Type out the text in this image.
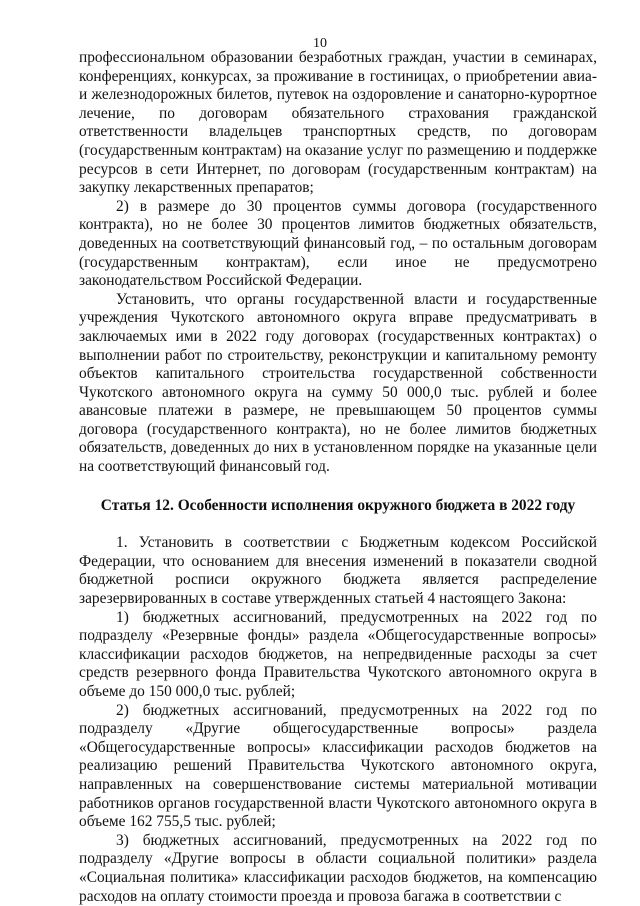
10

профессиональном образовании безработных граждан, участии в семинарах, конференциях, конкурсах, за проживание в гостиницах, о приобретении авиа- и железнодорожных билетов, путевок на оздоровление и санаторно-курортное лечение, по договорам обязательного страхования гражданской ответственности владельцев транспортных средств, по договорам (государственным контрактам) на оказание услуг по размещению и поддержке ресурсов в сети Интернет, по договорам (государственным контрактам) на закупку лекарственных препаратов;

2) в размере до 30 процентов суммы договора (государственного контракта), но не более 30 процентов лимитов бюджетных обязательств, доведенных на соответствующий финансовый год, – по остальным договорам (государственным контрактам), если иное не предусмотрено законодательством Российской Федерации.

Установить, что органы государственной власти и государственные учреждения Чукотского автономного округа вправе предусматривать в заключаемых ими в 2022 году договорах (государственных контрактах) о выполнении работ по строительству, реконструкции и капитальному ремонту объектов капитального строительства государственной собственности Чукотского автономного округа на сумму 50 000,0 тыс. рублей и более авансовые платежи в размере, не превышающем 50 процентов суммы договора (государственного контракта), но не более лимитов бюджетных обязательств, доведенных до них в установленном порядке на указанные цели на соответствующий финансовый год.

Статья 12. Особенности исполнения окружного бюджета в 2022 году

1. Установить в соответствии с Бюджетным кодексом Российской Федерации, что основанием для внесения изменений в показатели сводной бюджетной росписи окружного бюджета является распределение зарезервированных в составе утвержденных статьей 4 настоящего Закона:

1) бюджетных ассигнований, предусмотренных на 2022 год по подразделу «Резервные фонды» раздела «Общегосударственные вопросы» классификации расходов бюджетов, на непредвиденные расходы за счет средств резервного фонда Правительства Чукотского автономного округа в объеме до 150 000,0 тыс. рублей;

2) бюджетных ассигнований, предусмотренных на 2022 год по подразделу «Другие общегосударственные вопросы» раздела «Общегосударственные вопросы» классификации расходов бюджетов на реализацию решений Правительства Чукотского автономного округа, направленных на совершенствование системы материальной мотивации работников органов государственной власти Чукотского автономного округа в объеме 162 755,5 тыс. рублей;

3) бюджетных ассигнований, предусмотренных на 2022 год по подразделу «Другие вопросы в области социальной политики» раздела «Социальная политика» классификации расходов бюджетов, на компенсацию расходов на оплату стоимости проезда и провоза багажа в соответствии с
